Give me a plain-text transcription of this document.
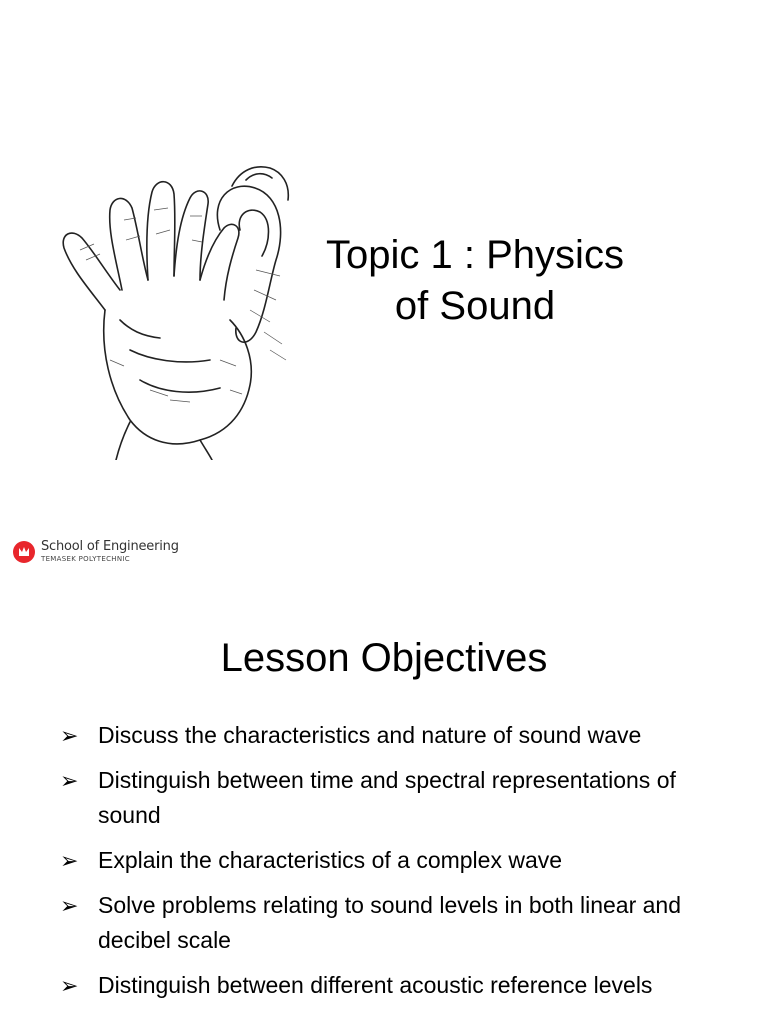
Topic 1 : Physics
of Sound
School of Engineering
TEMASEK POLYTECHNIC
Lesson Objectives
➢ Discuss the characteristics and nature of sound wave
➢ Distinguish between time and spectral representations of sound
➢ Explain the characteristics of a complex wave
➢ Solve problems relating to sound levels in both linear and decibel scale
➢ Distinguish between different acoustic reference levels
